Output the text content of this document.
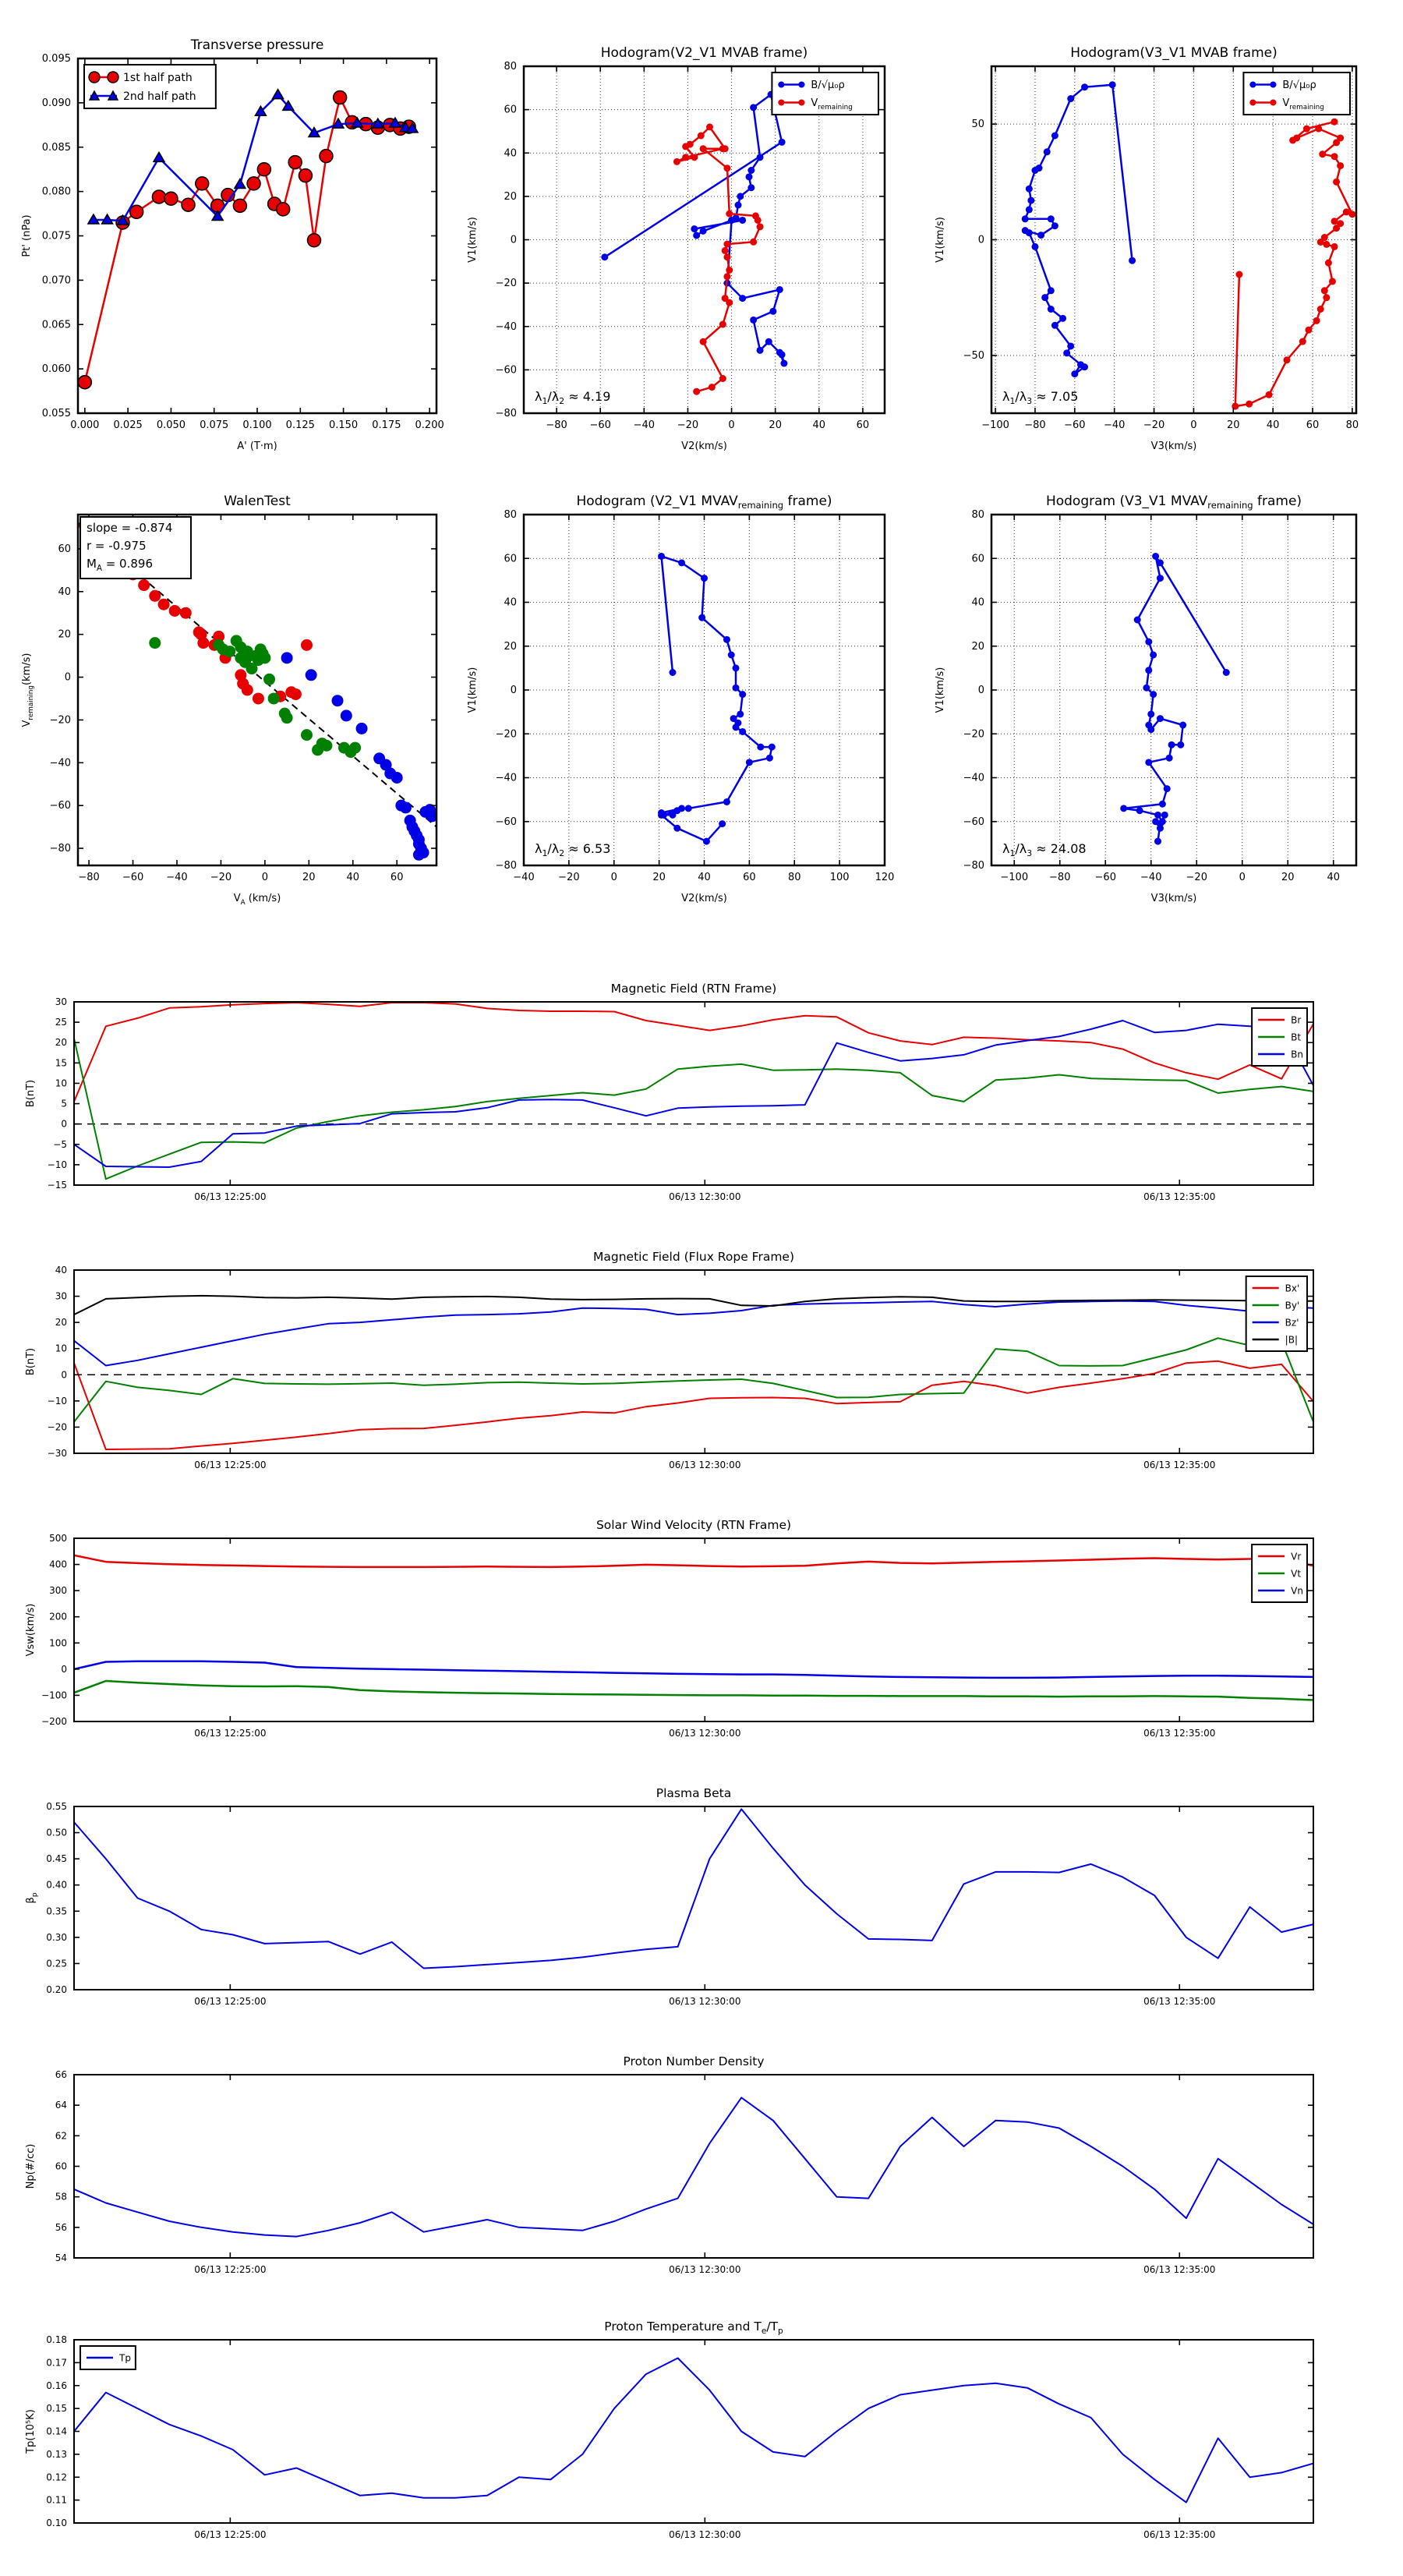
0.000 0.025 0.050 0.075 0.100 0.125 0.150 0.175 0.200
0.055
0.060
0.065
0.070
0.075
0.080
0.085
0.090
0.095
Transverse pressure
A' (T·m)
Pt' (nPa)
1st half path
2nd half path
−80 −60 −40 −20	0	20	40	60
−80
−60
−40
−20
0
20
40
60
80
Hodogram(V2_V1 MVAB frame)
V2(km/s)
V1(km/s)
B/√μ₀ρ
$V_{remaining}$
$\lambda_1/\lambda_2 \approx 4.19$
−100 −80 −60 −40 −20	0	20	40	60	80
−50
0
50
Hodogram(V3_V1 MVAB frame)
V3(km/s)
V1(km/s)
B/√μ₀ρ
$V_{remaining}$
$\lambda_1/\lambda_3 \approx 7.05$
−80 −60 −40 −20	0	20	40	60
−80
−60
−40
−20
0
20
40
60
WalenTest
$V_A$ (km/s)
$V_{remaining}(km/s)$
slope = -0.874
r = -0.975
$M_A = 0.896$
−40 −20	0	20	40	60	80	100	120
−80
−60
−40
−20
0
20
40
60
80
Hodogram (V2_V1 $MVAV_{remaining}$ frame)
V2(km/s)
V1(km/s)
$\lambda_1/\lambda_2 \approx 6.53$
−100 −80 −60 −40 −20	0	20	40
−80
−60
−40
−20
0
20
40
60
80
Hodogram (V3_V1 $MVAV_{remaining}$ frame)
V3(km/s)
V1(km/s)
$\lambda_1/\lambda_3 \approx 24.08$
06/13 12:25:00	06/13 12:30:00	06/13 12:35:00
−15
−10
−5
0
5
10
15
20
25
30
Magnetic Field (RTN Frame)
B(nT)
Br
Bt
Bn
06/13 12:25:00	06/13 12:30:00	06/13 12:35:00
−30
−20
−10
0
10
20
30
40
Magnetic Field (Flux Rope Frame)
B(nT)
Bx'
By'
Bz'
|B|
06/13 12:25:00	06/13 12:30:00	06/13 12:35:00
−200
−100
0
100
200
300
400
500
Solar Wind Velocity (RTN Frame)
Vsw(km/s)
Vr
Vt
Vn
06/13 12:25:00	06/13 12:30:00	06/13 12:35:00
0.20
0.25
0.30
0.35
0.40
0.45
0.50
0.55
Plasma Beta
$\beta_p$
06/13 12:25:00	06/13 12:30:00	06/13 12:35:00
54
56
58
60
62
64
66
Proton Number Density
Np(#/cc)
06/13 12:25:00	06/13 12:30:00	06/13 12:35:00
0.10
0.11
0.12
0.13
0.14
0.15
0.16
0.17
0.18
Proton Temperature and $T_e/T_p$
Tp(10⁵K)
Tp
